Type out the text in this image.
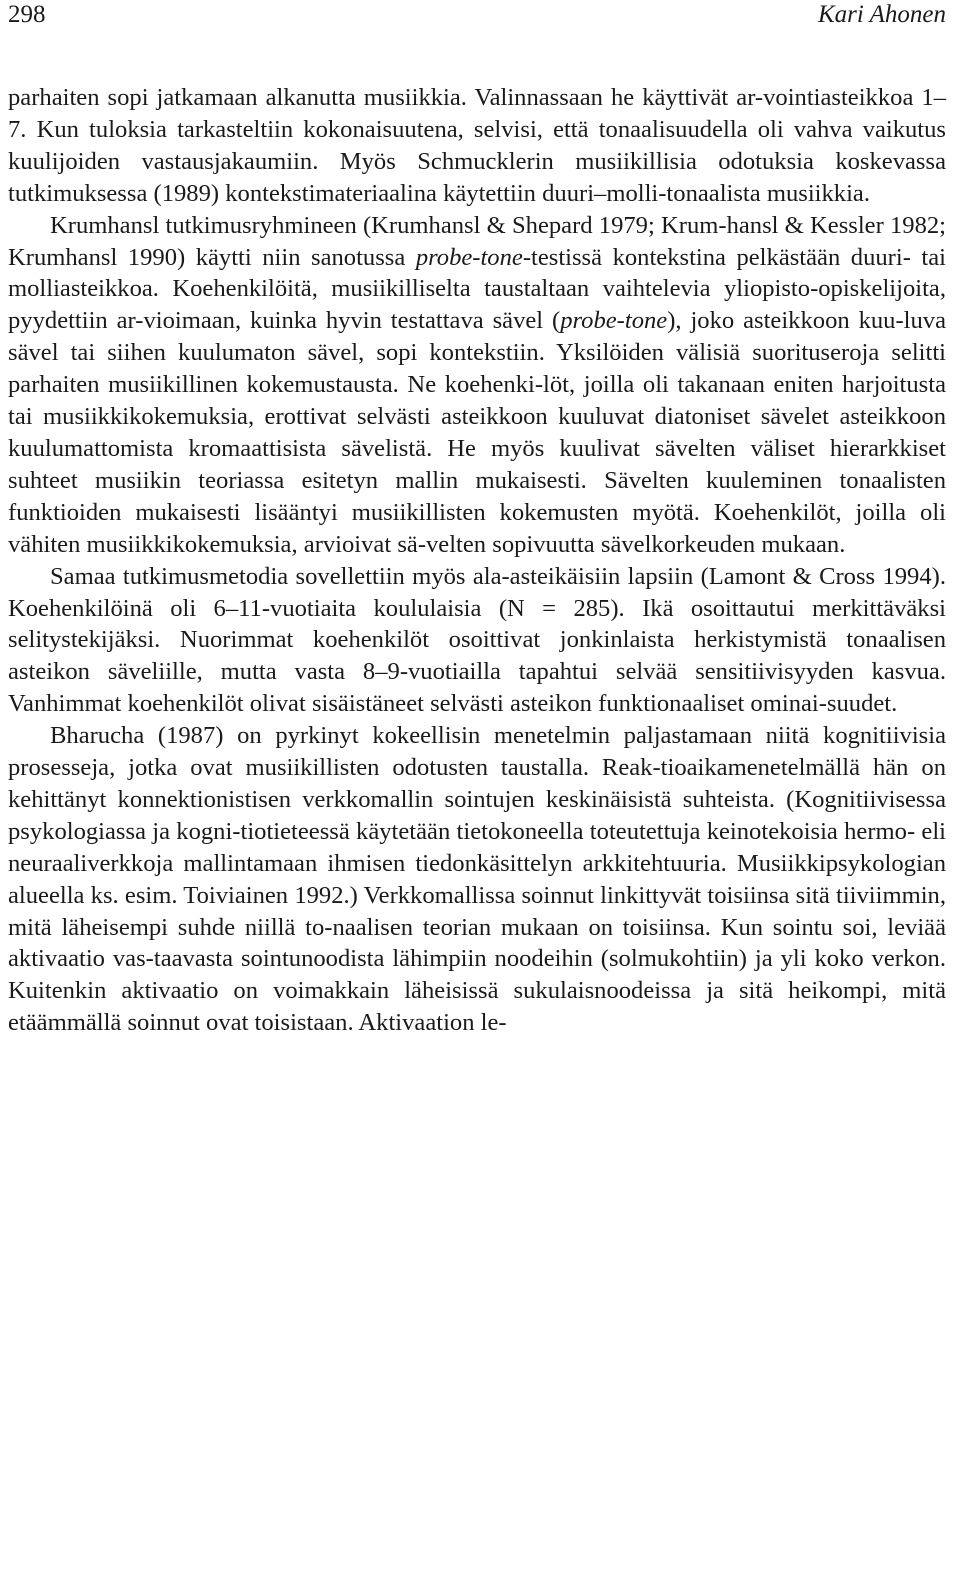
298	Kari Ahonen

parhaiten sopi jatkamaan alkanutta musiikkia. Valinnassaan he käyttivät ar-vointiasteikkoa 1–7. Kun tuloksia tarkasteltiin kokonaisuutena, selvisi, että tonaalisuudella oli vahva vaikutus kuulijoiden vastausjakaumiin. Myös Schmucklerin musiikillisia odotuksia koskevassa tutkimuksessa (1989) kontekstimateriaalina käytettiin duuri–molli-tonaalista musiikkia.

Krumhansl tutkimusryhmineen (Krumhansl & Shepard 1979; Krum-hansl & Kessler 1982; Krumhansl 1990) käytti niin sanotussa probe-tone-testissä kontekstina pelkästään duuri- tai molliasteikkoa. Koehenkilöitä, musiikilliselta taustaltaan vaihtelevia yliopisto-opiskelijoita, pyydettiin ar-vioimaan, kuinka hyvin testattava sävel (probe-tone), joko asteikkoon kuu-luva sävel tai siihen kuulumaton sävel, sopi kontekstiin. Yksilöiden välisiä suorituseroja selitti parhaiten musiikillinen kokemustausta. Ne koehenki-löt, joilla oli takanaan eniten harjoitusta tai musiikkikokemuksia, erottivat selvästi asteikkoon kuuluvat diatoniset sävelet asteikkoon kuulumattomista kromaattisista sävelistä. He myös kuulivat sävelten väliset hierarkkiset suhteet musiikin teoriassa esitetyn mallin mukaisesti. Sävelten kuuleminen tonaalisten funktioiden mukaisesti lisääntyi musiikillisten kokemusten myötä. Koehenkilöt, joilla oli vähiten musiikkikokemuksia, arvioivat sä-velten sopivuutta sävelkorkeuden mukaan.

Samaa tutkimusmetodia sovellettiin myös ala-asteikäisiin lapsiin (Lamont & Cross 1994). Koehenkilöinä oli 6–11-vuotiaita koululaisia (N = 285). Ikä osoittautui merkittäväksi selitystekijäksi. Nuorimmat koehenkilöt osoittivat jonkinlaista herkistymistä tonaalisen asteikon säveliille, mutta vasta 8–9-vuotiailla tapahtui selvää sensitiivisyyden kasvua. Vanhimmat koehenkilöt olivat sisäistäneet selvästi asteikon funktionaaliset ominai-suudet.

Bharucha (1987) on pyrkinyt kokeellisin menetelmin paljastamaan niitä kognitiivisia prosesseja, jotka ovat musiikillisten odotusten taustalla. Reak-tioaikamenetelmällä hän on kehittänyt konnektionistisen verkkomallin sointujen keskinäisistä suhteista. (Kognitiivisessa psykologiassa ja kogni-tiotieteessä käytetään tietokoneella toteutettuja keinotekoisia hermo- eli neuraaliverkkoja mallintamaan ihmisen tiedonkäsittelyn arkkitehtuuria. Musiikkipsykologian alueella ks. esim. Toiviainen 1992.) Verkkomallissa soinnut linkittyvät toisiinsa sitä tiiviimmin, mitä läheisempi suhde niillä to-naalisen teorian mukaan on toisiinsa. Kun sointu soi, leviää aktivaatio vas-taavasta sointunoodista lähimpiin noodeihin (solmukohtiin) ja yli koko verkon. Kuitenkin aktivaatio on voimakkain läheisissä sukulaisnoodeissa ja sitä heikompi, mitä etäämmällä soinnut ovat toisistaan. Aktivaation le-
